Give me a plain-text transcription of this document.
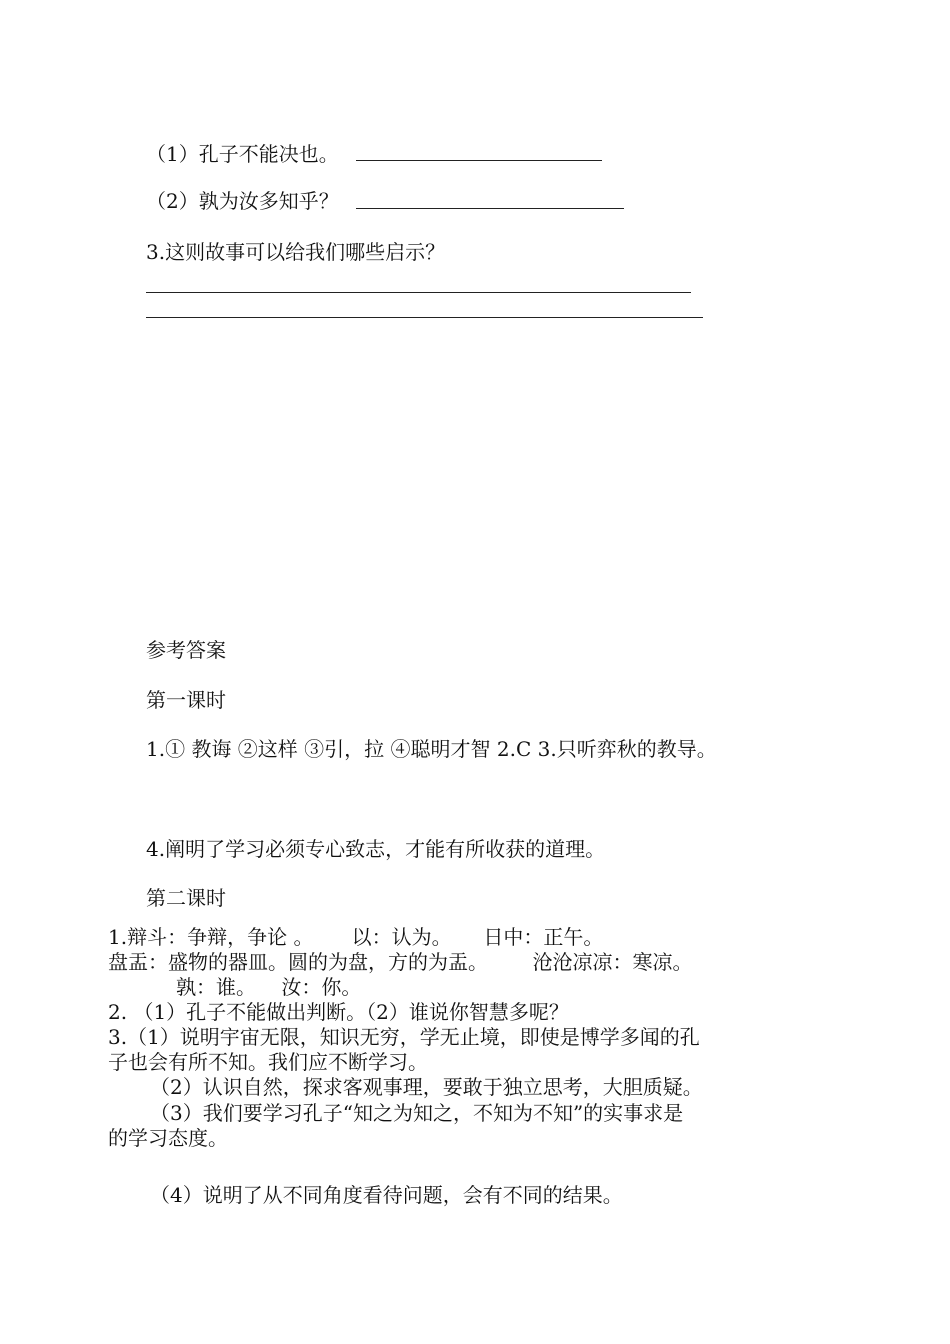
（1）孔子不能决也。
（2）孰为汝多知乎？
3.这则故事可以给我们哪些启示？
参考答案
第一课时
1.① 教诲 ②这样 ③引，拉 ④聪明才智 2.C 3.只听弈秋的教导。
4.阐明了学习必须专心致志，才能有所收获的道理。
第二课时
1.辩斗：争辩，争论 。      以：认为。     日中：正午。
盘盂：盛物的器皿。圆的为盘，方的为盂。       沧沧凉凉：寒凉。
孰：谁。    汝：你。
2. （1）孔子不能做出判断。（2）谁说你智慧多呢？
3.（1）说明宇宙无限，知识无穷，学无止境，即使是博学多闻的孔
子也会有所不知。我们应不断学习。
（2）认识自然，探求客观事理，要敢于独立思考，大胆质疑。
（3）我们要学习孔子“知之为知之，不知为不知”的实事求是
的学习态度。
（4）说明了从不同角度看待问题，会有不同的结果。
